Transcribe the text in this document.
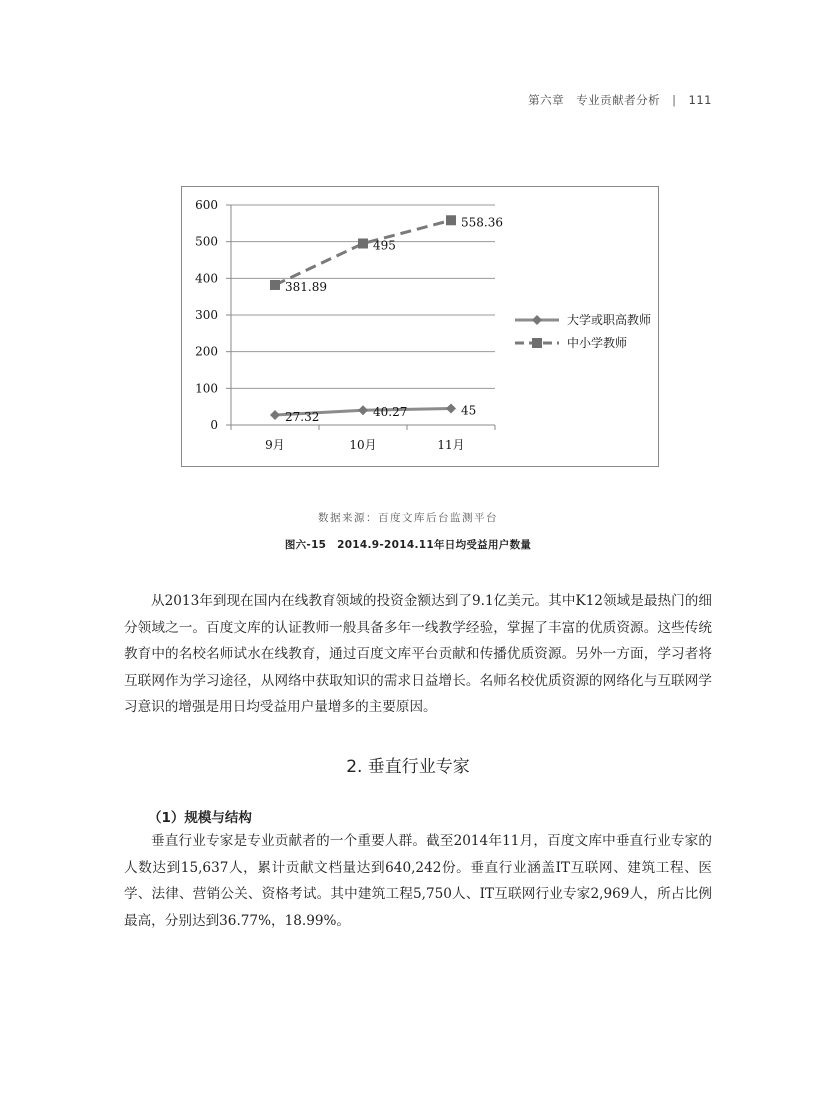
第六章　专业贡献者分析 | 111
0
100
200
300
400
500
600
9月	10月	11月
27.32	40.27	45
381.89
495
558.36
大学或职高教师
中小学教师
数据来源：百度文库后台监测平台
图六-15　2014.9-2014.11年日均受益用户数量

从2013年到现在国内在线教育领域的投资金额达到了9.1亿美元。其中K12领域是最热门的细分领域之一。百度文库的认证教师一般具备多年一线教学经验，掌握了丰富的优质资源。这些传统教育中的名校名师试水在线教育，通过百度文库平台贡献和传播优质资源。另外一方面，学习者将互联网作为学习途径，从网络中获取知识的需求日益增长。名师名校优质资源的网络化与互联网学习意识的增强是用日均受益用户量增多的主要原因。

2. 垂直行业专家
（1）规模与结构

垂直行业专家是专业贡献者的一个重要人群。截至2014年11月，百度文库中垂直行业专家的人数达到15,637人，累计贡献文档量达到640,242份。垂直行业涵盖IT互联网、建筑工程、医学、法律、营销公关、资格考试。其中建筑工程5,750人、IT互联网行业专家2,969人，所占比例最高，分别达到36.77%，18.99%。
